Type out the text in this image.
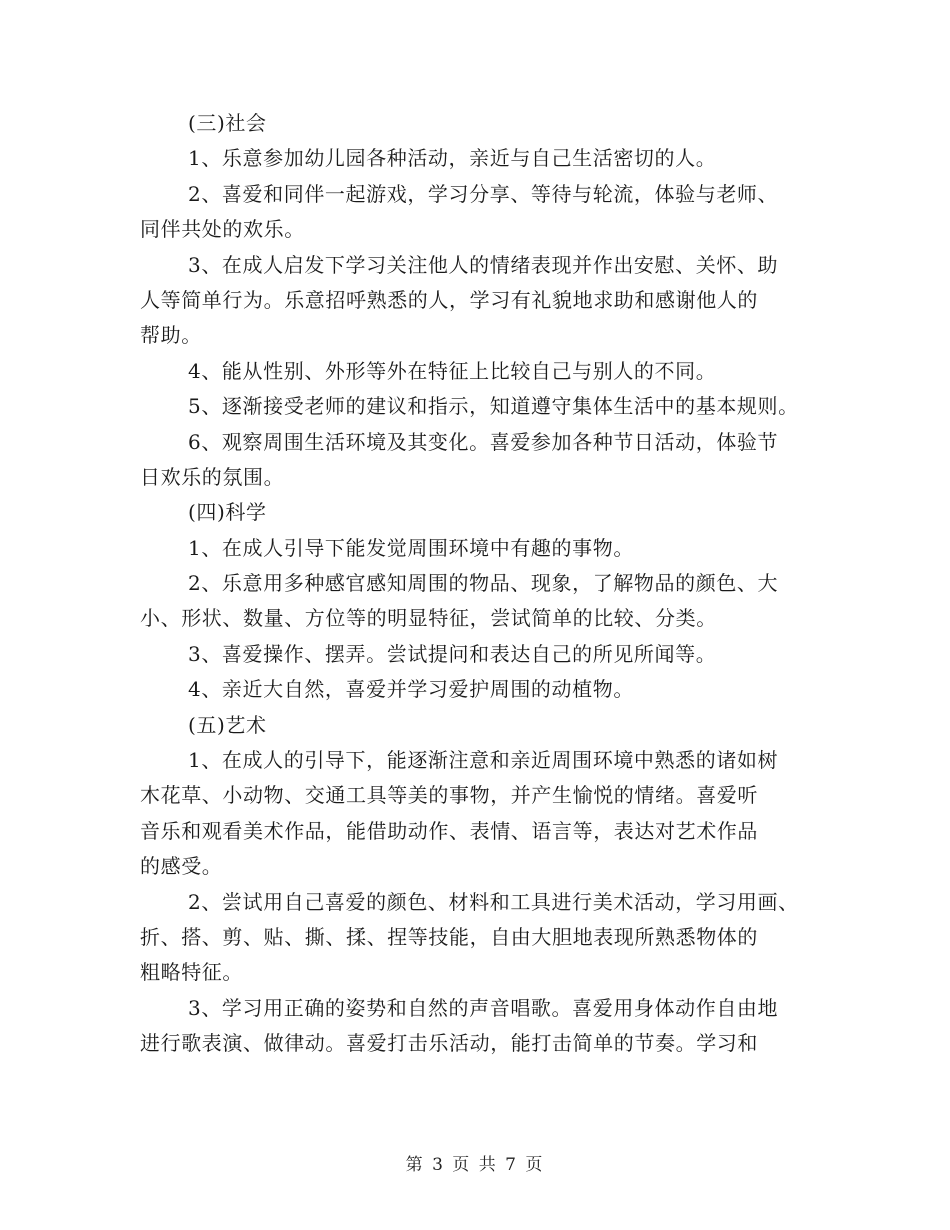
(三)社会
1、乐意参加幼儿园各种活动，亲近与自己生活密切的人。
2、喜爱和同伴一起游戏，学习分享、等待与轮流，体验与老师、
同伴共处的欢乐。
3、在成人启发下学习关注他人的情绪表现并作出安慰、关怀、助
人等简单行为。乐意招呼熟悉的人，学习有礼貌地求助和感谢他人的
帮助。
4、能从性别、外形等外在特征上比较自己与别人的不同。
5、逐渐接受老师的建议和指示，知道遵守集体生活中的基本规则。
6、观察周围生活环境及其变化。喜爱参加各种节日活动，体验节
日欢乐的氛围。
(四)科学
1、在成人引导下能发觉周围环境中有趣的事物。
2、乐意用多种感官感知周围的物品、现象，了解物品的颜色、大
小、形状、数量、方位等的明显特征，尝试简单的比较、分类。
3、喜爱操作、摆弄。尝试提问和表达自己的所见所闻等。
4、亲近大自然，喜爱并学习爱护周围的动植物。
(五)艺术
1、在成人的引导下，能逐渐注意和亲近周围环境中熟悉的诸如树
木花草、小动物、交通工具等美的事物，并产生愉悦的情绪。喜爱听
音乐和观看美术作品，能借助动作、表情、语言等，表达对艺术作品
的感受。
2、尝试用自己喜爱的颜色、材料和工具进行美术活动，学习用画、
折、搭、剪、贴、撕、揉、捏等技能，自由大胆地表现所熟悉物体的
粗略特征。
3、学习用正确的姿势和自然的声音唱歌。喜爱用身体动作自由地
进行歌表演、做律动。喜爱打击乐活动，能打击简单的节奏。学习和
第 3 页 共 7 页
